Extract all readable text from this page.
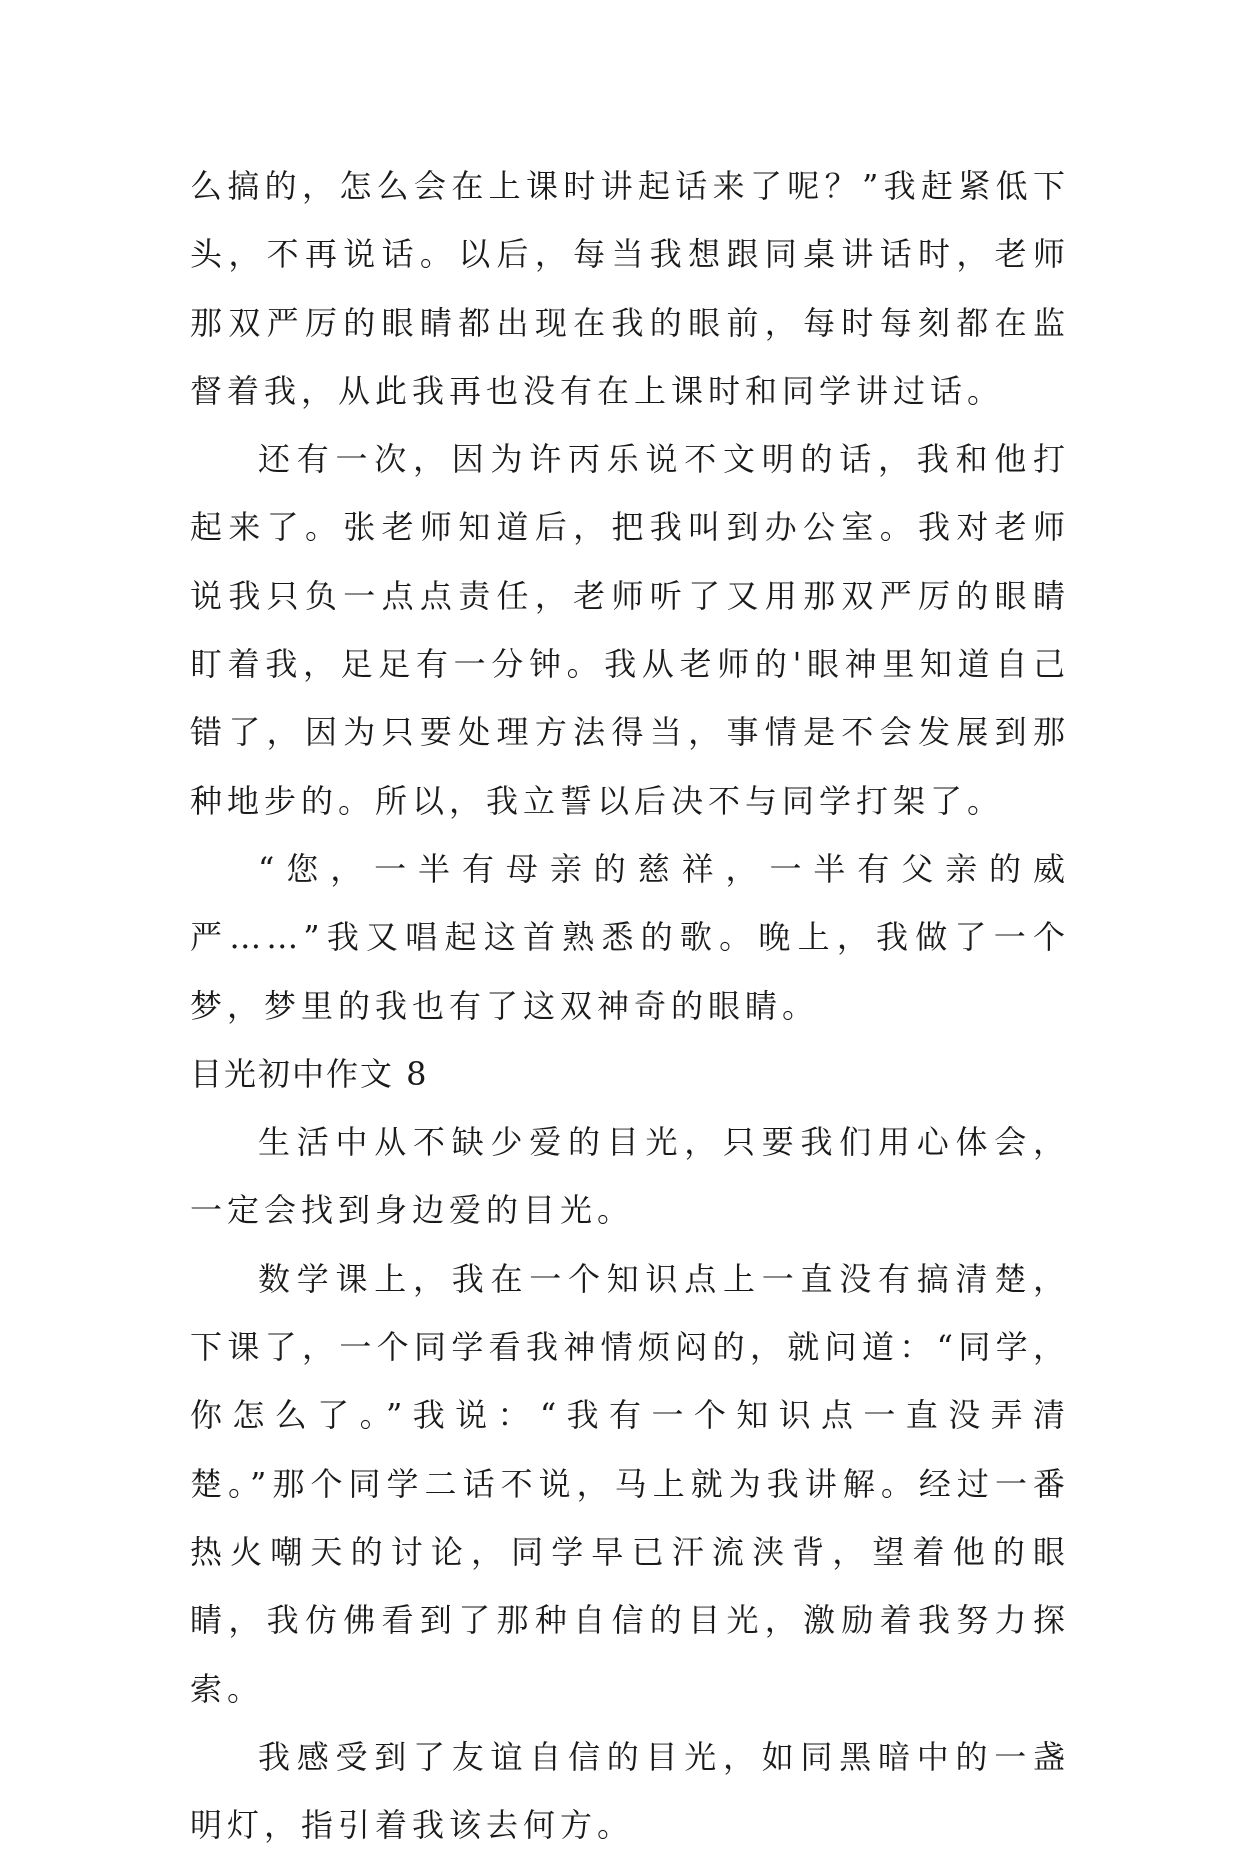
么搞的，怎么会在上课时讲起话来了呢？”我赶紧低下头，不再说话。以后，每当我想跟同桌讲话时，老师那双严厉的眼睛都出现在我的眼前，每时每刻都在监督着我，从此我再也没有在上课时和同学讲过话。

还有一次，因为许丙乐说不文明的话，我和他打起来了。张老师知道后，把我叫到办公室。我对老师说我只负一点点责任，老师听了又用那双严厉的眼睛盯着我，足足有一分钟。我从老师的'眼神里知道自己错了，因为只要处理方法得当，事情是不会发展到那种地步的。所以，我立誓以后决不与同学打架了。

“您，一半有母亲的慈祥，一半有父亲的威严……”我又唱起这首熟悉的歌。晚上，我做了一个梦，梦里的我也有了这双神奇的眼睛。

目光初中作文 8

生活中从不缺少爱的目光，只要我们用心体会，一定会找到身边爱的目光。

数学课上，我在一个知识点上一直没有搞清楚，下课了，一个同学看我神情烦闷的，就问道：“同学，你怎么了。”我说：“我有一个知识点一直没弄清楚。”那个同学二话不说，马上就为我讲解。经过一番热火嘲天的讨论，同学早已汗流浃背，望着他的眼睛，我仿佛看到了那种自信的目光，激励着我努力探索。

我感受到了友谊自信的目光，如同黑暗中的一盏明灯，指引着我该去何方。
